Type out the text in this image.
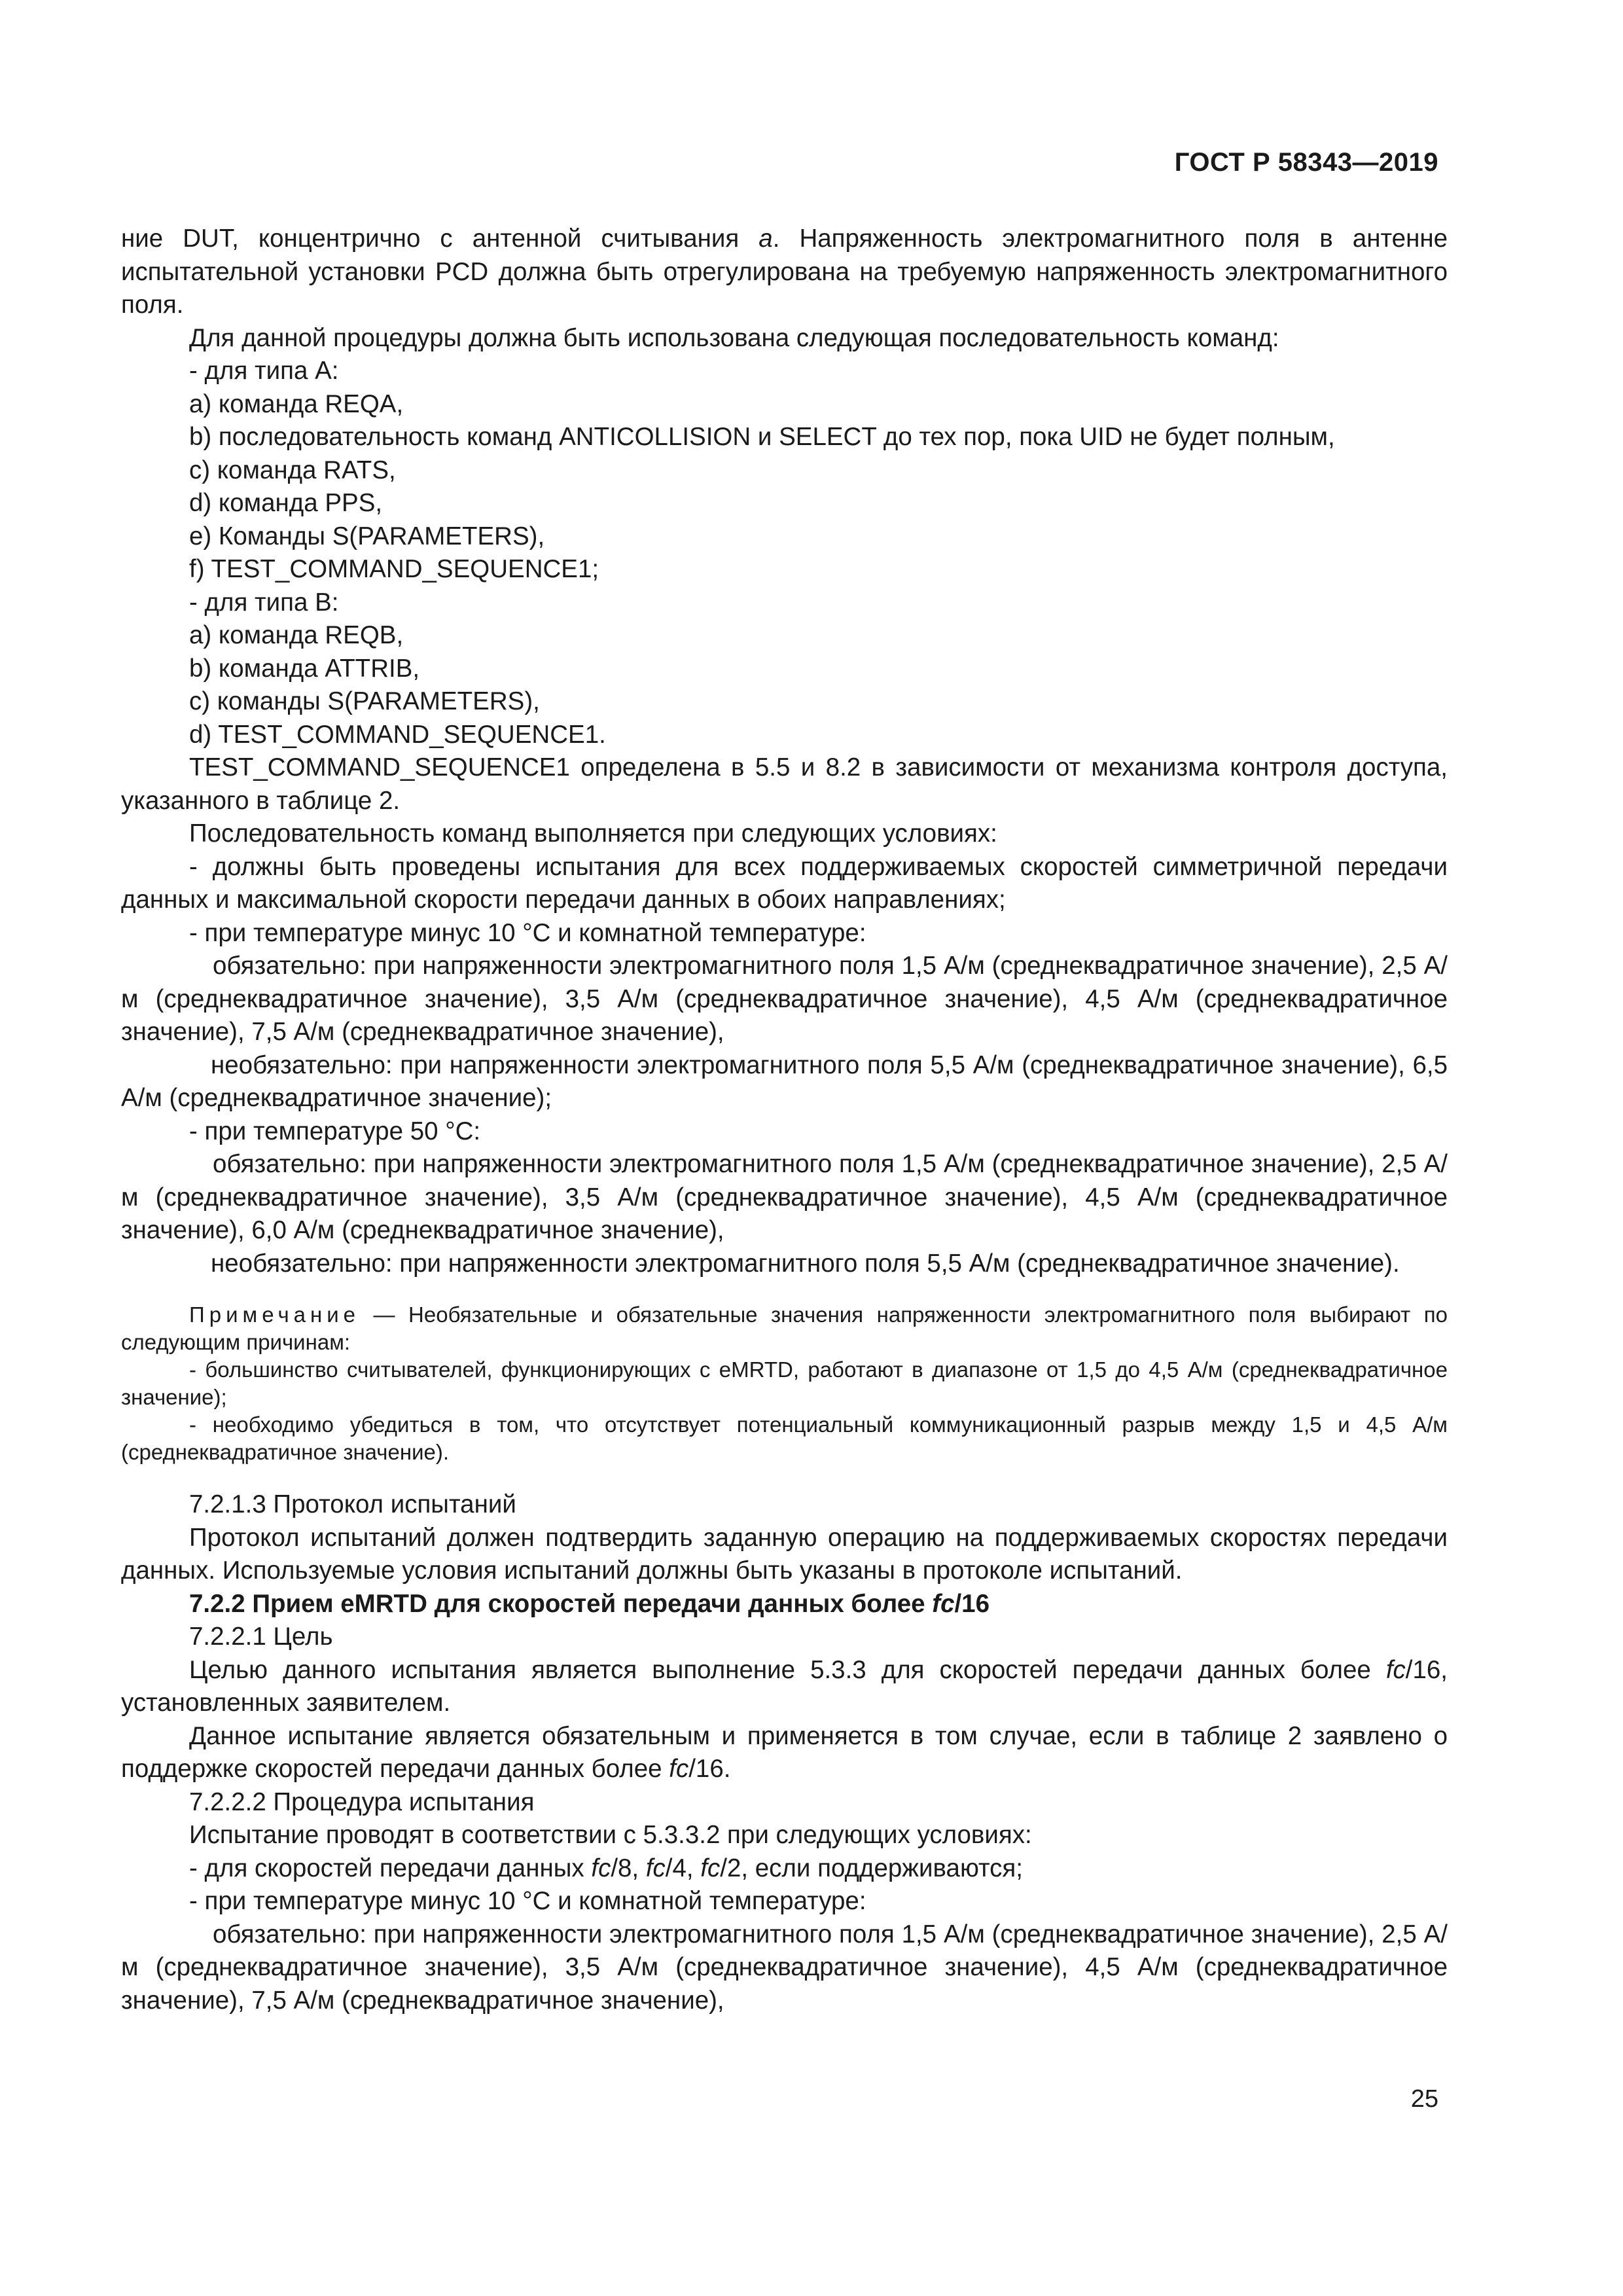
ГОСТ Р 58343—2019

ние DUT, концентрично с антенной считывания a. Напряженность электромагнитного поля в антенне испытательной установки PCD должна быть отрегулирована на требуемую напряженность электромагнитного поля.

Для данной процедуры должна быть использована следующая последовательность команд:

- для типа А:

a) команда REQA,

b) последовательность команд ANTICOLLISION и SELECT до тех пор, пока UID не будет полным,

c) команда RATS,

d) команда PPS,

e) Команды S(PARAMETERS),

f) TEST_COMMAND_SEQUENCE1;

- для типа В:

a) команда REQB,

b) команда ATTRIB,

c) команды S(PARAMETERS),

d) TEST_COMMAND_SEQUENCE1.

TEST_COMMAND_SEQUENCE1 определена в 5.5 и 8.2 в зависимости от механизма контроля доступа, указанного в таблице 2.

Последовательность команд выполняется при следующих условиях:

- должны быть проведены испытания для всех поддерживаемых скоростей симметричной передачи данных и максимальной скорости передачи данных в обоих направлениях;

- при температуре минус 10 °С и комнатной температуре:

обязательно: при напряженности электромагнитного поля 1,5 А/м (среднеквадратичное значение), 2,5 А/м (среднеквадратичное значение), 3,5 А/м (среднеквадратичное значение), 4,5 А/м (среднеквадратичное значение), 7,5 А/м (среднеквадратичное значение),

необязательно: при напряженности электромагнитного поля 5,5 А/м (среднеквадратичное значение), 6,5 А/м (среднеквадратичное значение);

- при температуре 50 °С:

обязательно: при напряженности электромагнитного поля 1,5 А/м (среднеквадратичное значение), 2,5 А/м (среднеквадратичное значение), 3,5 А/м (среднеквадратичное значение), 4,5 А/м (среднеквадратичное значение), 6,0 А/м (среднеквадратичное значение),

необязательно: при напряженности электромагнитного поля 5,5 А/м (среднеквадратичное значение).

Примечание — Необязательные и обязательные значения напряженности электромагнитного поля выбирают по следующим причинам:

- большинство считывателей, функционирующих с eMRTD, работают в диапазоне от 1,5 до 4,5 А/м (среднеквадратичное значение);

- необходимо убедиться в том, что отсутствует потенциальный коммуникационный разрыв между 1,5 и 4,5 А/м (среднеквадратичное значение).

7.2.1.3 Протокол испытаний

Протокол испытаний должен подтвердить заданную операцию на поддерживаемых скоростях передачи данных. Используемые условия испытаний должны быть указаны в протоколе испытаний.

7.2.2 Прием eMRTD для скоростей передачи данных более fc/16

7.2.2.1 Цель

Целью данного испытания является выполнение 5.3.3 для скоростей передачи данных более fc/16, установленных заявителем.

Данное испытание является обязательным и применяется в том случае, если в таблице 2 заявлено о поддержке скоростей передачи данных более fc/16.

7.2.2.2 Процедура испытания

Испытание проводят в соответствии с 5.3.3.2 при следующих условиях:

- для скоростей передачи данных fc/8, fc/4, fc/2, если поддерживаются;

- при температуре минус 10 °С и комнатной температуре:

обязательно: при напряженности электромагнитного поля 1,5 А/м (среднеквадратичное значение), 2,5 А/м (среднеквадратичное значение), 3,5 А/м (среднеквадратичное значение), 4,5 А/м (среднеквадратичное значение), 7,5 А/м (среднеквадратичное значение),

25
